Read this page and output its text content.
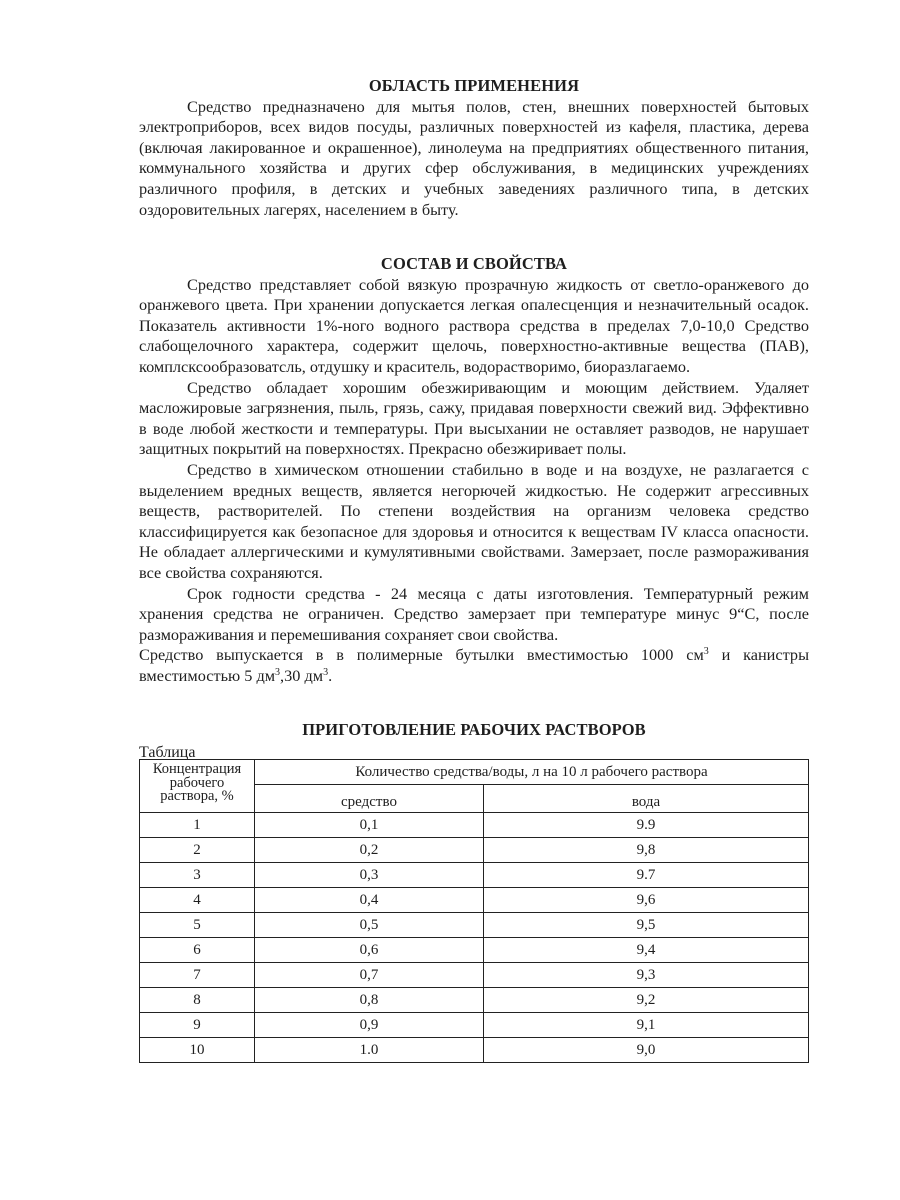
ОБЛАСТЬ ПРИМЕНЕНИЯ

Средство предназначено для мытья полов, стен, внешних поверхностей бытовых электроприборов, всех видов посуды, различных поверхностей из кафеля, пластика, дерева (включая лакированное и окрашенное), линолеума на предприятиях общественного питания, коммунального хозяйства и других сфер обслуживания, в медицинских учреждениях различного профиля, в детских и учебных заведениях различного типа, в детских оздоровительных лагерях, населением в быту.

СОСТАВ И СВОЙСТВА

Средство представляет собой вязкую прозрачную жидкость от светло-оранжевого до оранжевого цвета. При хранении допускается легкая опалесценция и незначительный осадок. Показатель активности 1%-ного водного раствора средства в пределах 7,0-10,0 Средство слабощелочного характера, содержит щелочь, поверхностно-активные вещества (ПАВ), комплсксообразоватсль, отдушку и краситель, водорастворимо, биоразлагаемо.

Средство обладает хорошим обезжиривающим и моющим действием. Удаляет масложировые загрязнения, пыль, грязь, сажу, придавая поверхности свежий вид. Эффективно в воде любой жесткости и температуры. При высыхании не оставляет разводов, не нарушает защитных покрытий на поверхностях. Прекрасно обезжиривает полы.

Средство в химическом отношении стабильно в воде и на воздухе, не разлагается с выделением вредных веществ, является негорючей жидкостью. Не содержит агрессивных веществ, растворителей. По степени воздействия на организм человека средство классифицируется как безопасное для здоровья и относится к веществам IV класса опасности. Не обладает аллергическими и кумулятивными свойствами. Замерзает, после размораживания все свойства сохраняются.

Срок годности средства - 24 месяца с даты изготовления. Температурный режим хранения средства не ограничен. Средство замерзает при температуре минус 9“С, после размораживания и перемешивания сохраняет свои свойства.

Средство выпускается в в полимерные бутылки вместимостью 1000 $см^3$ и канистры вместимостью 5 $дм^3,30$ $дм^3$.

ПРИГОТОВЛЕНИЕ РАБОЧИХ РАСТВОРОВ
Таблица
Концентрация рабочего раствора, %	Количество средства/воды, л на 10 л рабочего раствора	
	средство	вода
1	0,1	9.9
2	0,2	9,8
3	0,3	9.7
4	0,4	9,6
5	0,5	9,5
6	0,6	9,4
7	0,7	9,3
8	0,8	9,2
9	0,9	9,1
10	1.0	9,0
